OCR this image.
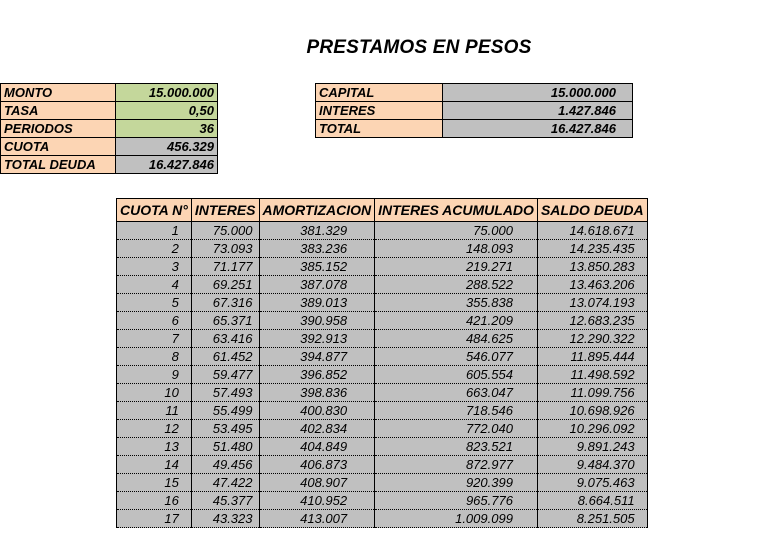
PRESTAMOS EN PESOS
MONTO	15.000.000
TASA	0,50
PERIODOS	36
CUOTA	456.329
TOTAL DEUDA	16.427.846
CAPITAL	15.000.000
INTERES	1.427.846
TOTAL	16.427.846
CUOTA N°	INTERES	AMORTIZACION	INTERES ACUMULADO	SALDO DEUDA
1	75.000	381.329	75.000	14.618.671
2	73.093	383.236	148.093	14.235.435
3	71.177	385.152	219.271	13.850.283
4	69.251	387.078	288.522	13.463.206
5	67.316	389.013	355.838	13.074.193
6	65.371	390.958	421.209	12.683.235
7	63.416	392.913	484.625	12.290.322
8	61.452	394.877	546.077	11.895.444
9	59.477	396.852	605.554	11.498.592
10	57.493	398.836	663.047	11.099.756
11	55.499	400.830	718.546	10.698.926
12	53.495	402.834	772.040	10.296.092
13	51.480	404.849	823.521	9.891.243
14	49.456	406.873	872.977	9.484.370
15	47.422	408.907	920.399	9.075.463
16	45.377	410.952	965.776	8.664.511
17	43.323	413.007	1.009.099	8.251.505
